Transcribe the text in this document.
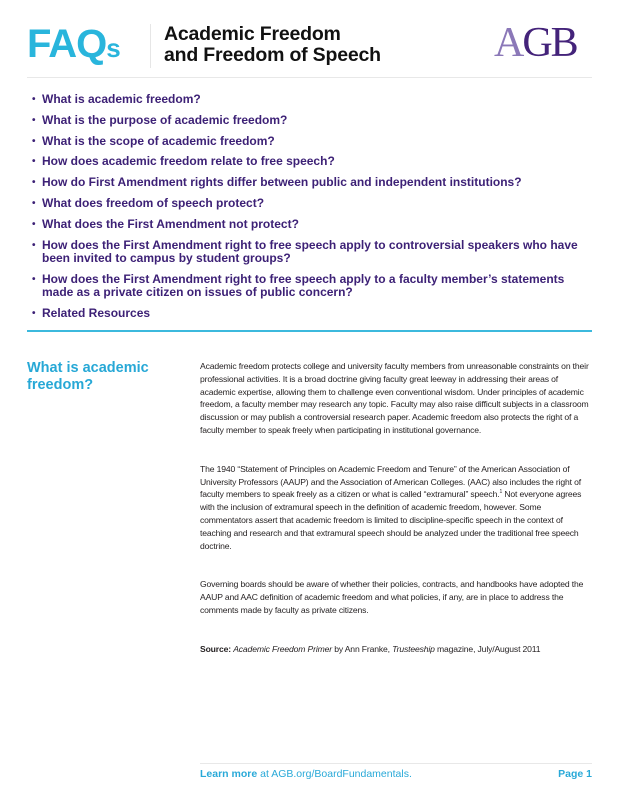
FAQs Academic Freedom
and Freedom of Speech	AGB
• What is academic freedom?
• What is the purpose of academic freedom?
• What is the scope of academic freedom?
• How does academic freedom relate to free speech?
• How do First Amendment rights differ between public and independent institutions?
• What does freedom of speech protect?
• What does the First Amendment not protect?
• How does the First Amendment right to free speech apply to controversial speakers who have been invited to campus by student groups?
• How does the First Amendment right to free speech apply to a faculty member’s statements made as a private citizen on issues of public concern?
• Related Resources
What is academic freedom?

Academic freedom protects college and university faculty members from unreasonable constraints on their professional activities. It is a broad doctrine giving faculty great leeway in addressing their areas of academic expertise, allowing them to challenge even conventional wisdom. Under principles of academic freedom, a faculty member may research any topic. Faculty may also raise difficult subjects in a classroom discussion or may publish a controversial research paper. Academic freedom also protects the right of a faculty member to speak freely when participating in institutional governance.

The 1940 “Statement of Principles on Academic Freedom and Tenure” of the American Association of University Professors (AAUP) and the Association of American Colleges. (AAC) also includes the right of faculty members to speak freely as a citizen or what is called “extramural” speech.$^1$ Not everyone agrees with the inclusion of extramural speech in the definition of academic freedom, however. Some commentators assert that academic freedom is limited to discipline-specific speech in the context of teaching and research and that extramural speech should be analyzed under the traditional free speech doctrine.

Governing boards should be aware of whether their policies, contracts, and handbooks have adopted the AAUP and AAC definition of academic freedom and what policies, if any, are in place to address the comments made by faculty as private citizens.

Source: Academic Freedom Primer by Ann Franke, Trusteeship magazine, July/August 2011

Learn more at AGB.org/BoardFundamentals.	Page 1
